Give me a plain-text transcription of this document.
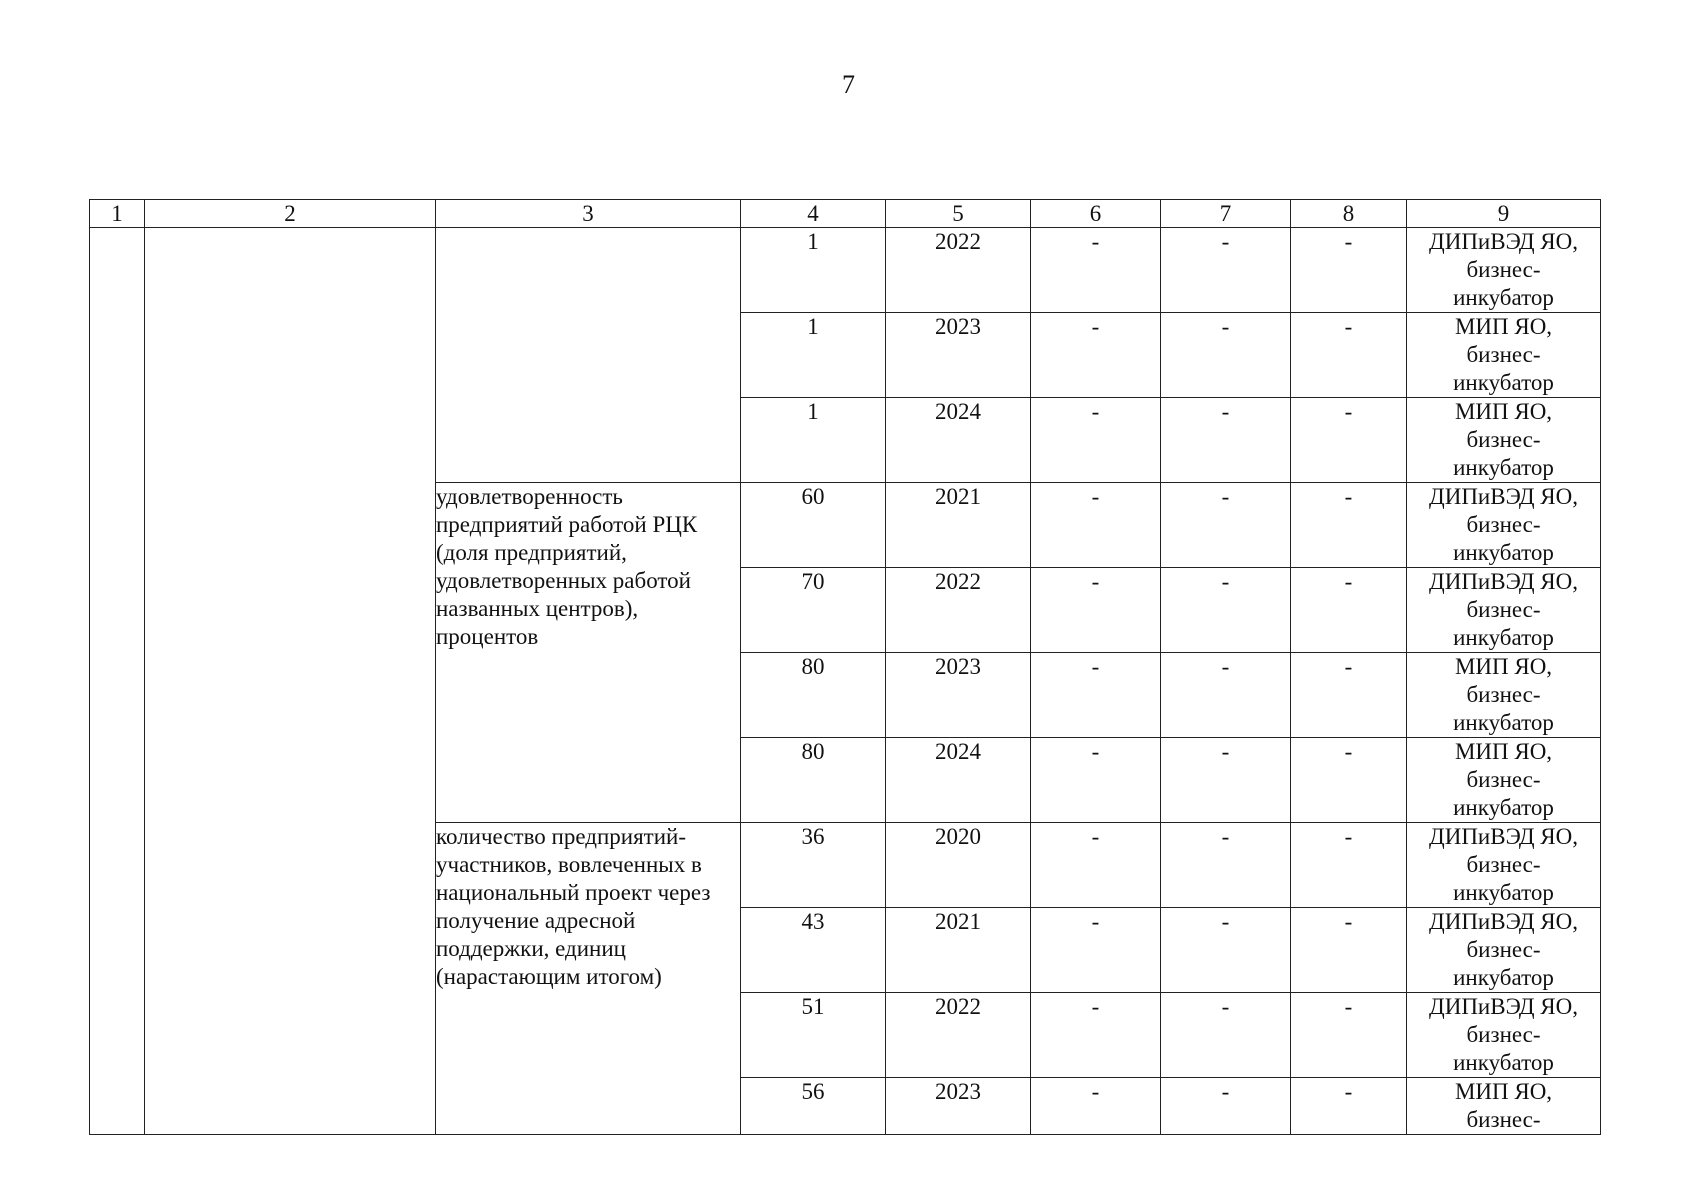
7
1	2	3	4	5	6	7	8	9
			1	2022	-	-	-	ДИПиВЭД ЯО,
бизнес-
инкубатор

			1	2023	-	-	-	МИП ЯО,
бизнес-
инкубатор

			1	2024	-	-	-	МИП ЯО,
бизнес-
инкубатор

		удовлетворенность предприятий работой РЦК (доля предприятий, удовлетворенных работой названных центров), процентов	60	2021	-	-	-	ДИПиВЭД ЯО,
бизнес-
инкубатор

			70	2022	-	-	-	ДИПиВЭД ЯО,
бизнес-
инкубатор

			80	2023	-	-	-	МИП ЯО,
бизнес-
инкубатор

			80	2024	-	-	-	МИП ЯО,
бизнес-
инкубатор

		количество предприятий-участников, вовлеченных в национальный проект через получение адресной поддержки, единиц (нарастающим итогом)	36	2020	-	-	-	ДИПиВЭД ЯО,
бизнес-
инкубатор

			43	2021	-	-	-	ДИПиВЭД ЯО,
бизнес-
инкубатор

			51	2022	-	-	-	ДИПиВЭД ЯО,
бизнес-
инкубатор

			56	2023	-	-	-	МИП ЯО,
бизнес-
